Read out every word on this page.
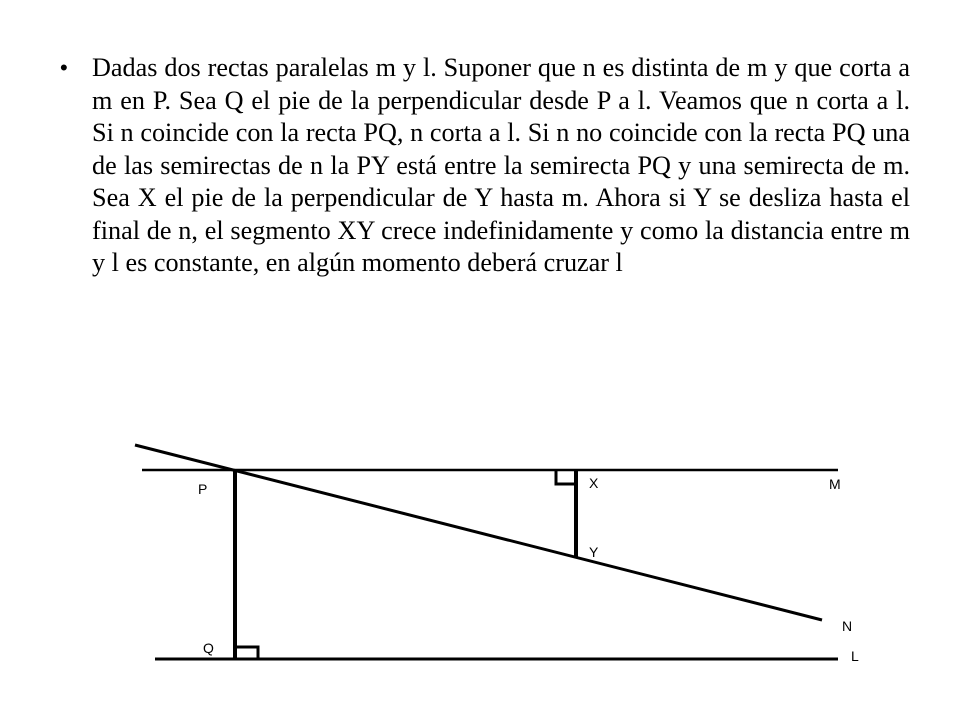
• Dadas dos rectas paralelas m y l. Suponer que n es distinta de m y que corta a m en P. Sea Q el pie de la perpendicular desde P a l. Veamos que n corta a l. Si n coincide con la recta PQ, n corta a l. Si n no coincide con la recta PQ una de las semirectas de n la PY está entre la semirecta PQ y una semirecta de m. Sea X el pie de la perpendicular de Y hasta m. Ahora si Y se desliza hasta el final de n, el segmento XY crece indefinidamente y como la distancia entre m y l es constante, en algún momento deberá cruzar l

P
Q
X
Y
M
N
L
